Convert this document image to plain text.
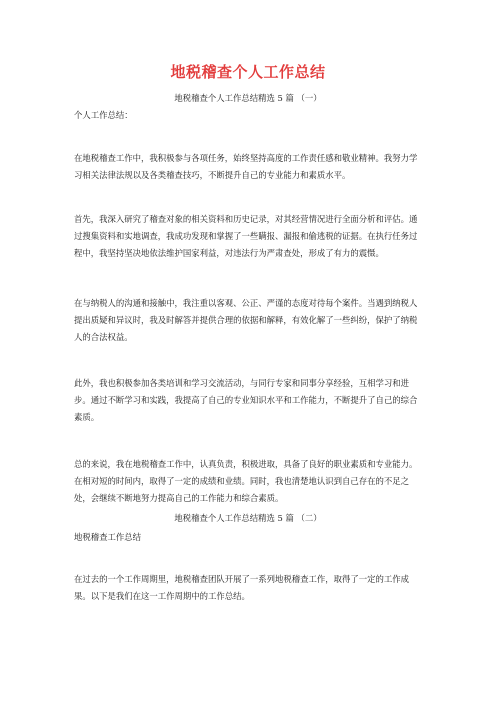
地税稽查个人工作总结
地税稽查个人工作总结精选 5 篇 （一）

个人工作总结：

在地税稽查工作中，我积极参与各项任务，始终坚持高度的工作责任感和敬业精神。我努力学习相关法律法规以及各类稽查技巧，不断提升自己的专业能力和素质水平。

首先，我深入研究了稽查对象的相关资料和历史记录，对其经营情况进行全面分析和评估。通过搜集资料和实地调查，我成功发现和掌握了一些瞒报、漏报和偷逃税的证据。在执行任务过程中，我坚持坚决地依法维护国家利益，对违法行为严肃查处，形成了有力的震慑。

在与纳税人的沟通和接触中，我注重以客观、公正、严谨的态度对待每个案件。当遇到纳税人提出质疑和异议时，我及时解答并提供合理的依据和解释，有效化解了一些纠纷，保护了纳税人的合法权益。

此外，我也积极参加各类培训和学习交流活动，与同行专家和同事分享经验，互相学习和进步。通过不断学习和实践，我提高了自己的专业知识水平和工作能力，不断提升了自己的综合素质。

总的来说，我在地税稽查工作中，认真负责，积极进取，具备了良好的职业素质和专业能力。在相对短的时间内，取得了一定的成绩和业绩。同时，我也清楚地认识到自己存在的不足之处，会继续不断地努力提高自己的工作能力和综合素质。

地税稽查个人工作总结精选 5 篇 （二）

地税稽查工作总结

在过去的一个工作周期里，地税稽查团队开展了一系列地税稽查工作，取得了一定的工作成果。以下是我们在这一工作周期中的工作总结。
